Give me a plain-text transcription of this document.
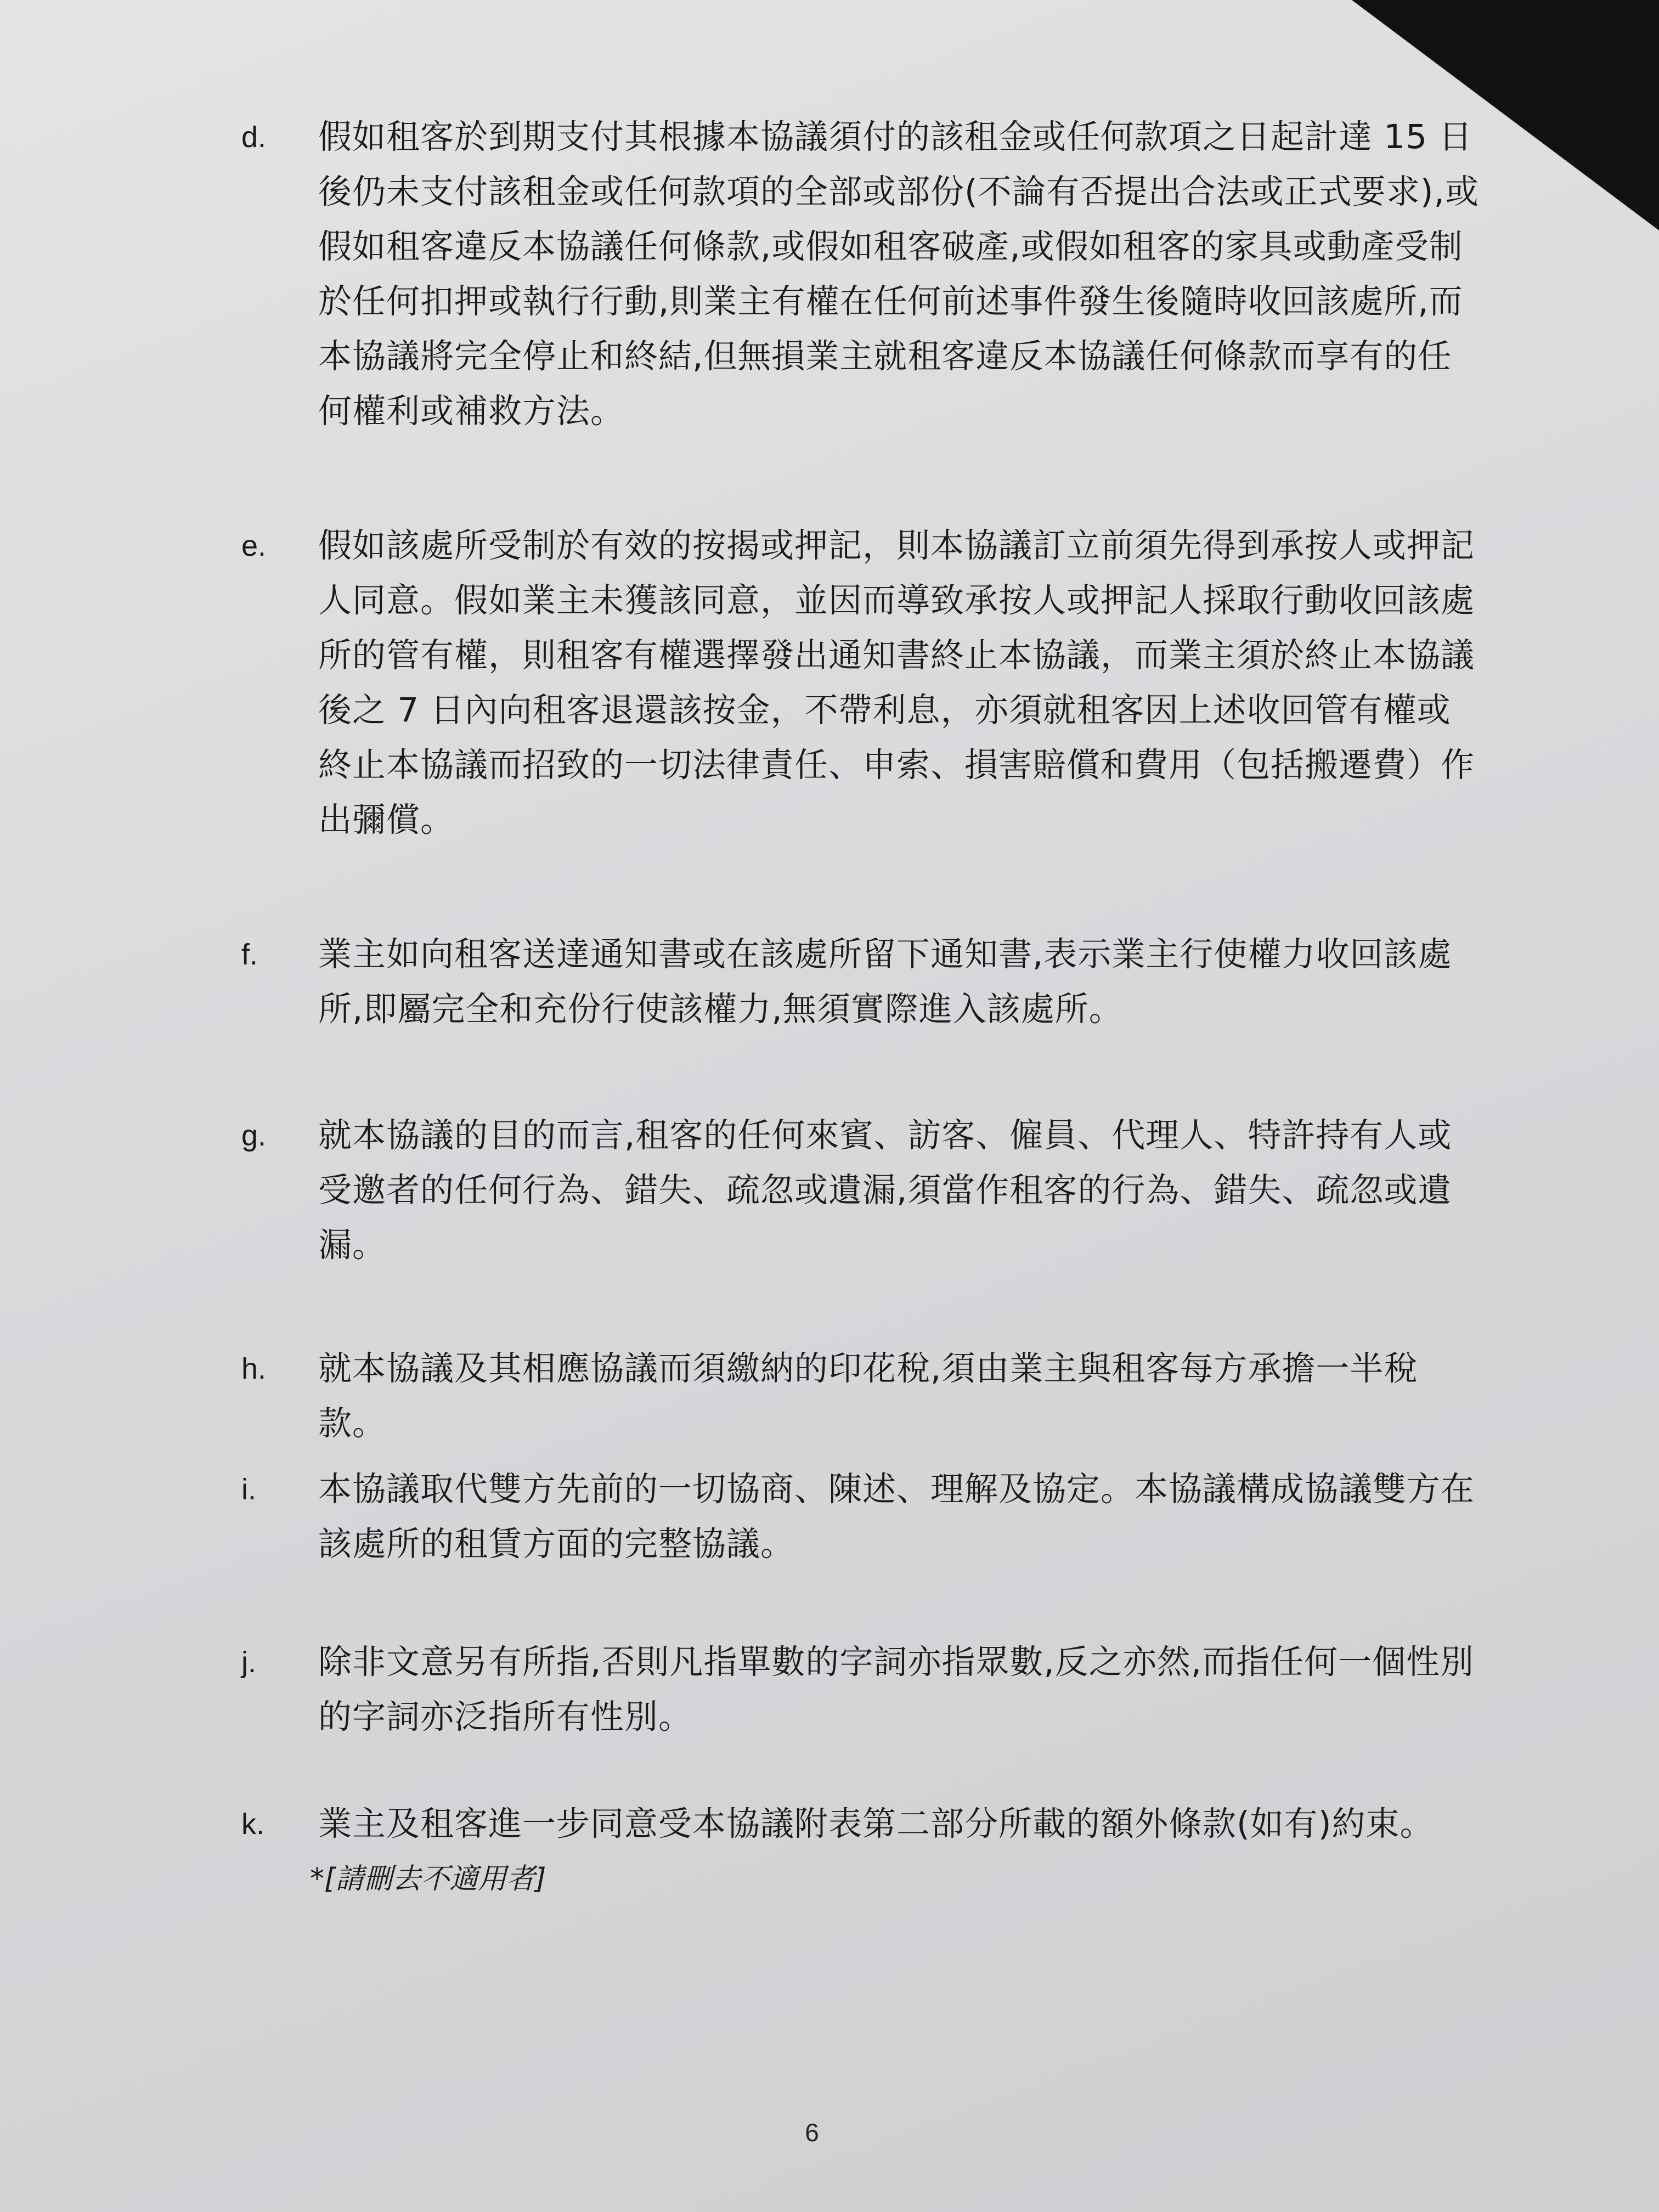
d. 假如租客於到期支付其根據本協議須付的該租金或任何款項之日起計達 15 日後仍未支付該租金或任何款項的全部或部份(不論有否提出合法或正式要求),或假如租客違反本協議任何條款,或假如租客破產,或假如租客的家具或動產受制於任何扣押或執行行動,則業主有權在任何前述事件發生後隨時收回該處所,而本協議將完全停止和終結,但無損業主就租客違反本協議任何條款而享有的任何權利或補救方法。
e. 假如該處所受制於有效的按揭或押記，則本協議訂立前須先得到承按人或押記人同意。假如業主未獲該同意，並因而導致承按人或押記人採取行動收回該處所的管有權，則租客有權選擇發出通知書終止本協議，而業主須於終止本協議後之 7 日內向租客退還該按金，不帶利息，亦須就租客因上述收回管有權或終止本協議而招致的一切法律責任、申索、損害賠償和費用（包括搬遷費）作出彌償。
f. 業主如向租客送達通知書或在該處所留下通知書,表示業主行使權力收回該處所,即屬完全和充份行使該權力,無須實際進入該處所。
g. 就本協議的目的而言,租客的任何來賓、訪客、僱員、代理人、特許持有人或受邀者的任何行為、錯失、疏忽或遺漏,須當作租客的行為、錯失、疏忽或遺漏。
h. 就本協議及其相應協議而須繳納的印花稅,須由業主與租客每方承擔一半稅款。
i. 本協議取代雙方先前的一切協商、陳述、理解及協定。本協議構成協議雙方在該處所的租賃方面的完整協議。
j. 除非文意另有所指,否則凡指單數的字詞亦指眾數,反之亦然,而指任何一個性別的字詞亦泛指所有性別。
k. 業主及租客進一步同意受本協議附表第二部分所載的額外條款(如有)約束。
*[請刪去不適用者]
6
